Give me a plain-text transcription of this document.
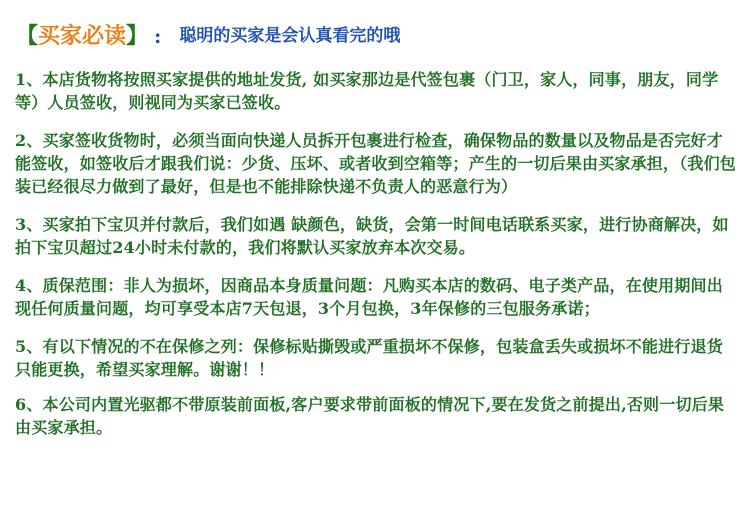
【 买家必读 】 : 聪明的买家是会认真看完的哦

1、本店货物将按照买家提供的地址发货, 如买家那边是代签包裹（门卫，家人，同事，朋友，同学等）人员签收，则视同为买家已签收。

2、买家签收货物时，必须当面向快递人员拆开包裹进行检查，确保物品的数量以及物品是否完好才能签收，如签收后才跟我们说：少货、压坏、或者收到空箱等；产生的一切后果由买家承担，（我们包装已经很尽力做到了最好，但是也不能排除快递不负责人的恶意行为）

3、买家拍下宝贝并付款后，我们如遇 缺颜色，缺货，会第一时间电话联系买家，进行协商解决，如拍下宝贝超过24小时未付款的，我们将默认买家放弃本次交易。

4、质保范围：非人为损坏，因商品本身质量问题：凡购买本店的数码、电子类产品，在使用期间出现任何质量问题，均可享受本店7天包退，3个月包换，3年保修的三包服务承诺；

5、有以下情况的不在保修之列：保修标贴撕毁或严重损坏不保修，包装盒丢失或损坏不能进行退货只能更换，希望买家理解。谢谢！！

6、本公司内置光驱都不带原装前面板,客户要求带前面板的情况下,要在发货之前提出,否则一切后果由买家承担。
